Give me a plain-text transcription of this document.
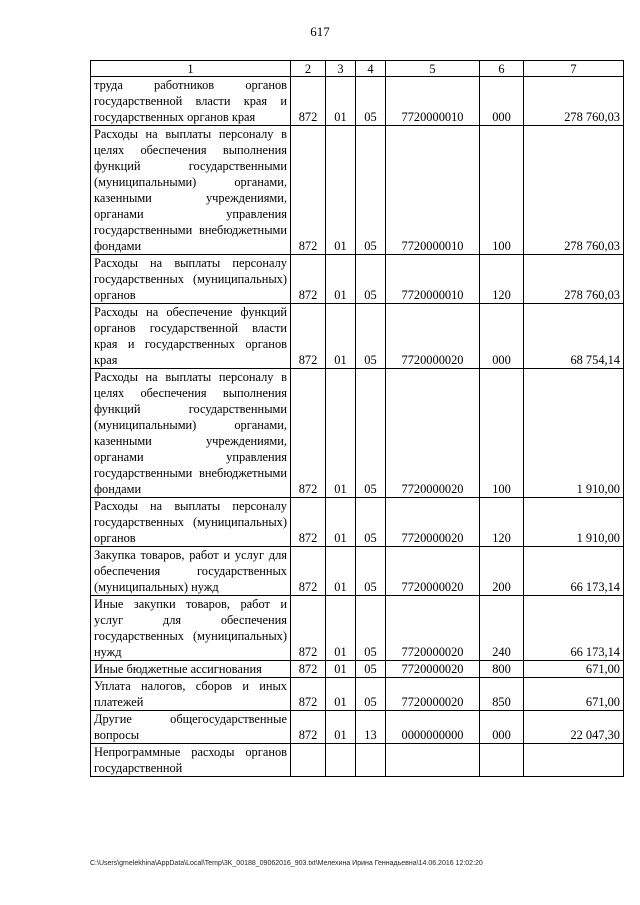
617
1	2	3	4	5	6	7
труда работников органов государственной власти края и государственных органов края	872	01	05	7720000010	000	278 760,03
Расходы на выплаты персоналу в целях обеспечения выполнения функций государственными (муниципальными) органами, казенными учреждениями, органами управления государственными внебюджетными фондами	872	01	05	7720000010	100	278 760,03
Расходы на выплаты персоналу государственных (муниципальных) органов	872	01	05	7720000010	120	278 760,03
Расходы на обеспечение функций органов государственной власти края и государственных органов края	872	01	05	7720000020	000	68 754,14
Расходы на выплаты персоналу в целях обеспечения выполнения функций государственными (муниципальными) органами, казенными учреждениями, органами управления государственными внебюджетными фондами	872	01	05	7720000020	100	1 910,00
Расходы на выплаты персоналу государственных (муниципальных) органов	872	01	05	7720000020	120	1 910,00
Закупка товаров, работ и услуг для обеспечения государственных (муниципальных) нужд	872	01	05	7720000020	200	66 173,14
Иные закупки товаров, работ и услуг для обеспечения государственных (муниципальных) нужд	872	01	05	7720000020	240	66 173,14
Иные бюджетные ассигнования	872	01	05	7720000020	800	671,00
Уплата налогов, сборов и иных платежей	872	01	05	7720000020	850	671,00
Другие общегосударственные вопросы	872	01	13	0000000000	000	22 047,30
Непрограммные расходы органов государственной						
C:\Users\gmelekhina\AppData\Local\Temp\3K_00188_09062016_903.txt\Мелехина Ирина Геннадьевна\14.06.2016 12:02:20
